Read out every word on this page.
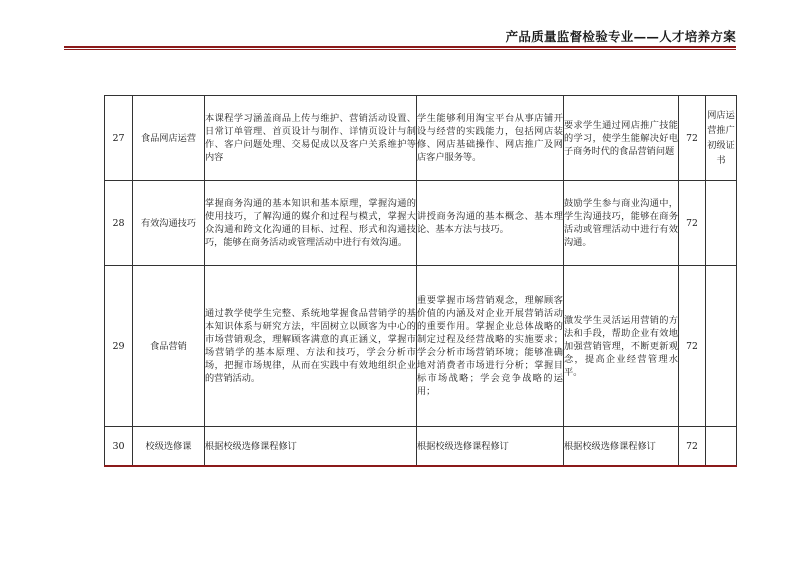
产品质量监督检验专业——人才培养方案
27	食品网店运营	本课程学习涵盖商品上传与维护、营销活动设置、日常订单管理、首页设计与制作、详情页设计与制作、客户问题处理、交易促成以及客户关系维护等内容	学生能够利用淘宝平台从事店铺开设与经营的实践能力，包括网店装修、网店基础操作、网店推广及网店客户服务等。	要求学生通过网店推广技能的学习，使学生能解决好电子商务时代的食品营销问题	72	网店运营推广初级证书
28	有效沟通技巧	掌握商务沟通的基本知识和基本原理，掌握沟通的使用技巧，了解沟通的媒介和过程与模式，掌握大众沟通和跨文化沟通的目标、过程、形式和沟通技巧，能够在商务活动或管理活动中进行有效沟通。	讲授商务沟通的基本概念、基本理论、基本方法与技巧。	鼓励学生参与商业沟通中，学生沟通技巧，能够在商务活动或管理活动中进行有效沟通。	72	
29	食品营销	通过教学使学生完整、系统地掌握食品营销学的基本知识体系与研究方法，牢固树立以顾客为中心的市场营销观念，理解顾客满意的真正涵义，掌握市场营销学的基本原理、方法和技巧，学会分析市场，把握市场规律，从而在实践中有效地组织企业的营销活动。	重要掌握市场营销观念，理解顾客价值的内涵及对企业开展营销活动的重要作用。掌握企业总体战略的制定过程及经营战略的实施要求；学会分析市场营销环境；能够准确地对消费者市场进行分析；掌握目标市场战略；学会竞争战略的运用；	激发学生灵活运用营销的方法和手段，帮助企业有效地加强营销管理，不断更新观念，提高企业经营管理水平。	72	
30	校级选修课	根据校级选修课程修订	根据校级选修课程修订	根据校级选修课程修订	72	
